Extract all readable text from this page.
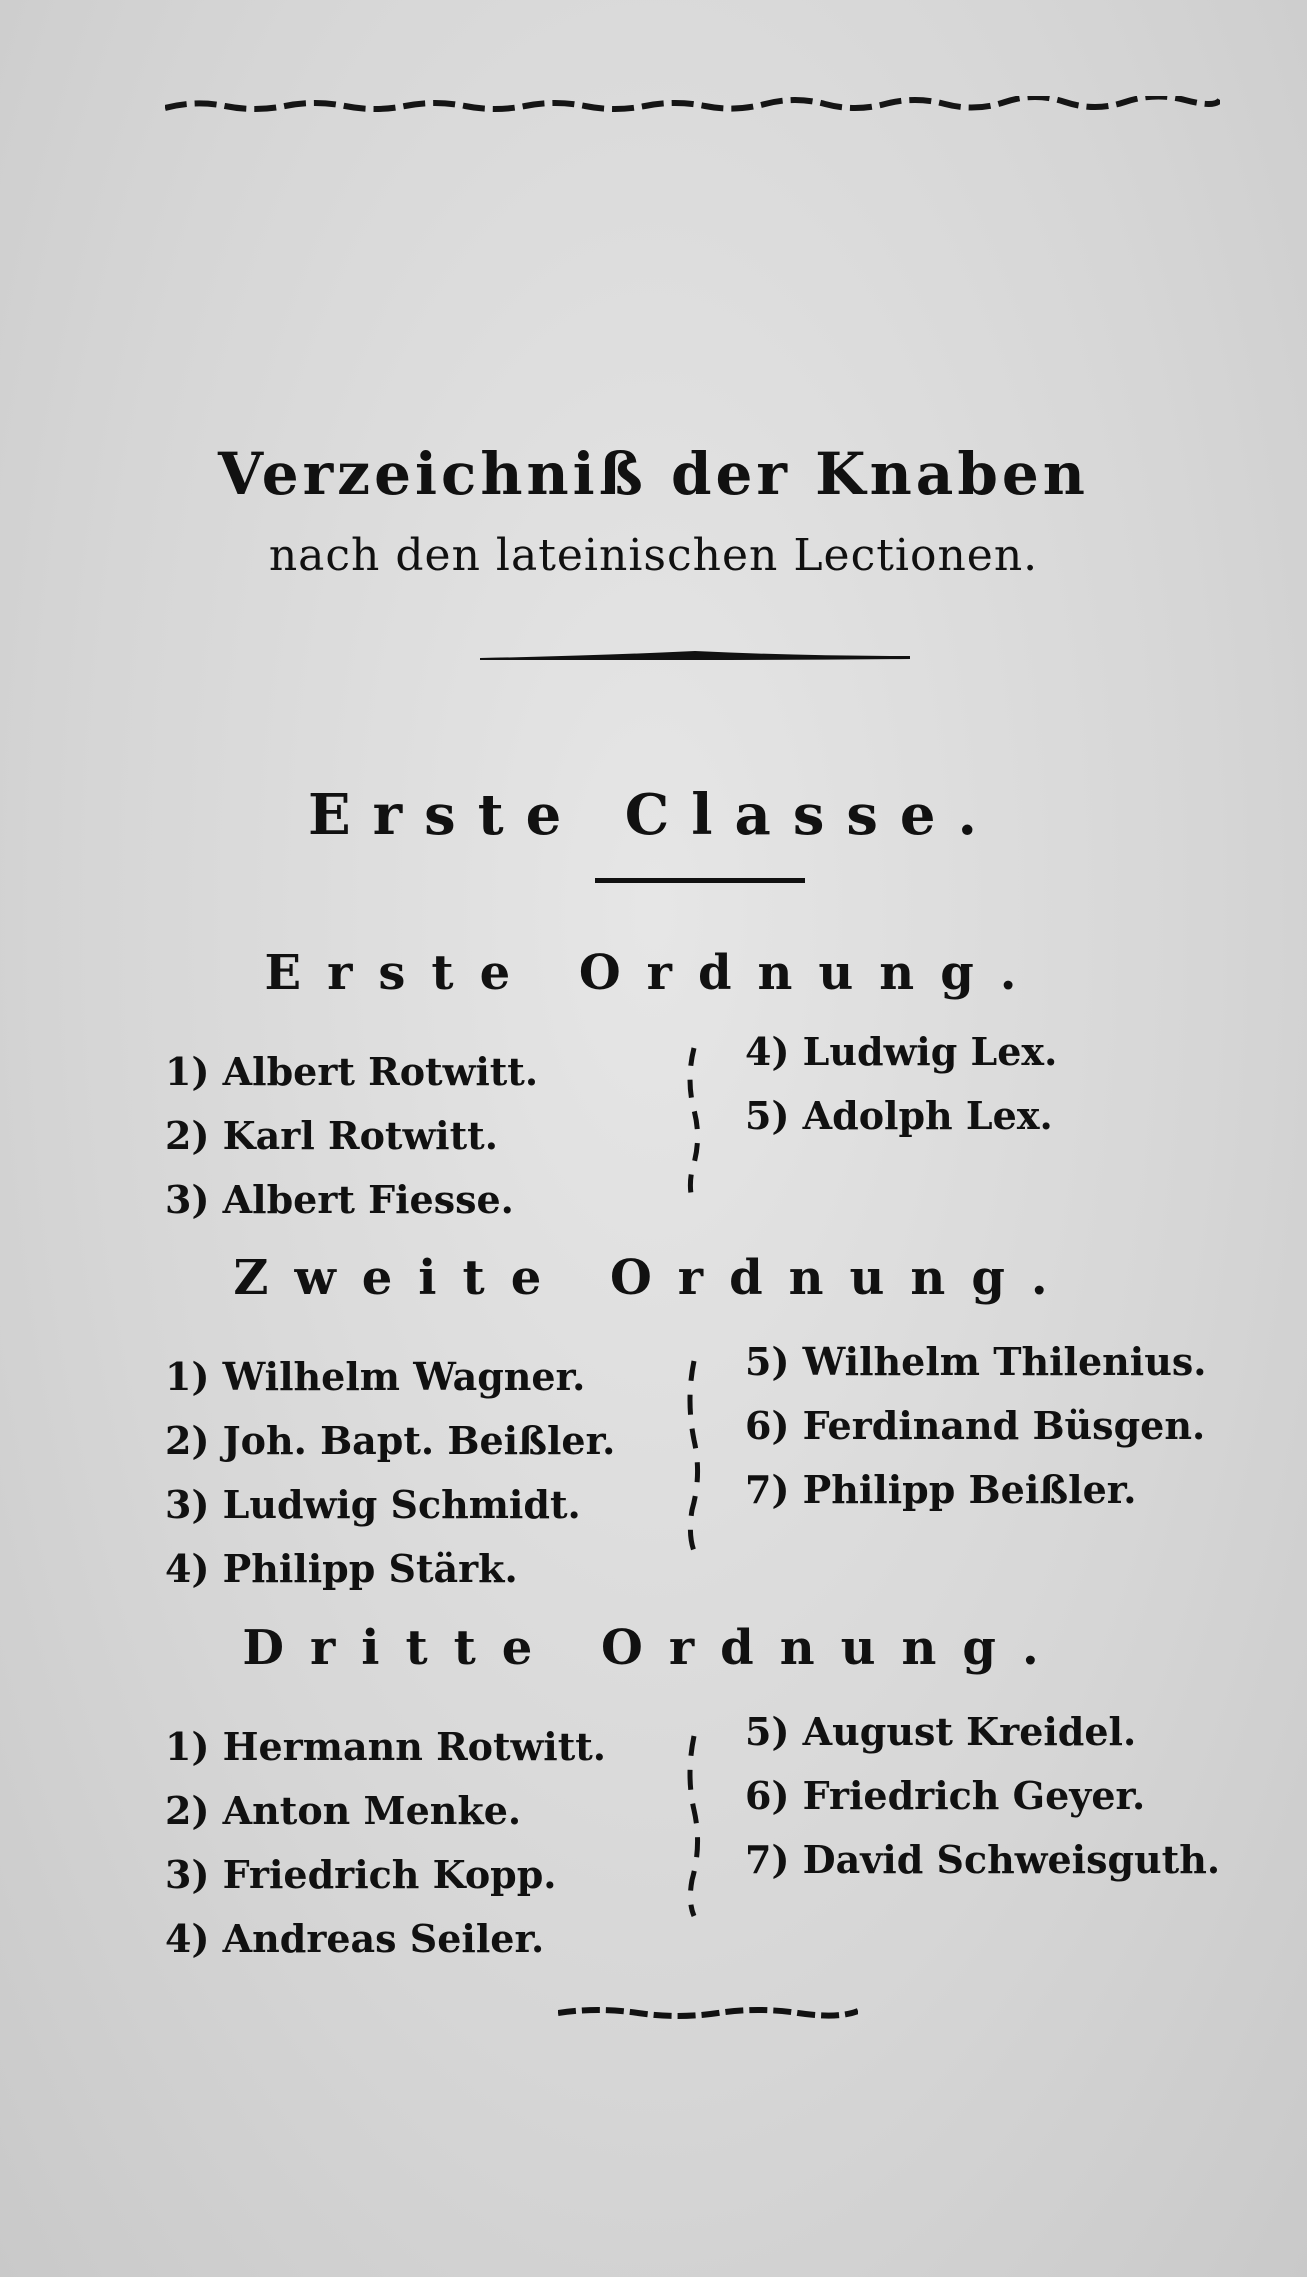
Verzeichniß der Knaben
nach den lateinischen Lectionen.
Erste Classe.
Erste Ordnung.
1) Albert Rotwitt.
2) Karl Rotwitt.
3) Albert Fiesse.
4) Ludwig Lex.
5) Adolph Lex.
Zweite Ordnung.
1) Wilhelm Wagner.
2) Joh. Bapt. Beißler.
3) Ludwig Schmidt.
4) Philipp Stärk.
5) Wilhelm Thilenius.
6) Ferdinand Büsgen.
7) Philipp Beißler.
Dritte Ordnung.
1) Hermann Rotwitt.
2) Anton Menke.
3) Friedrich Kopp.
4) Andreas Seiler.
5) August Kreidel.
6) Friedrich Geyer.
7) David Schweisguth.
